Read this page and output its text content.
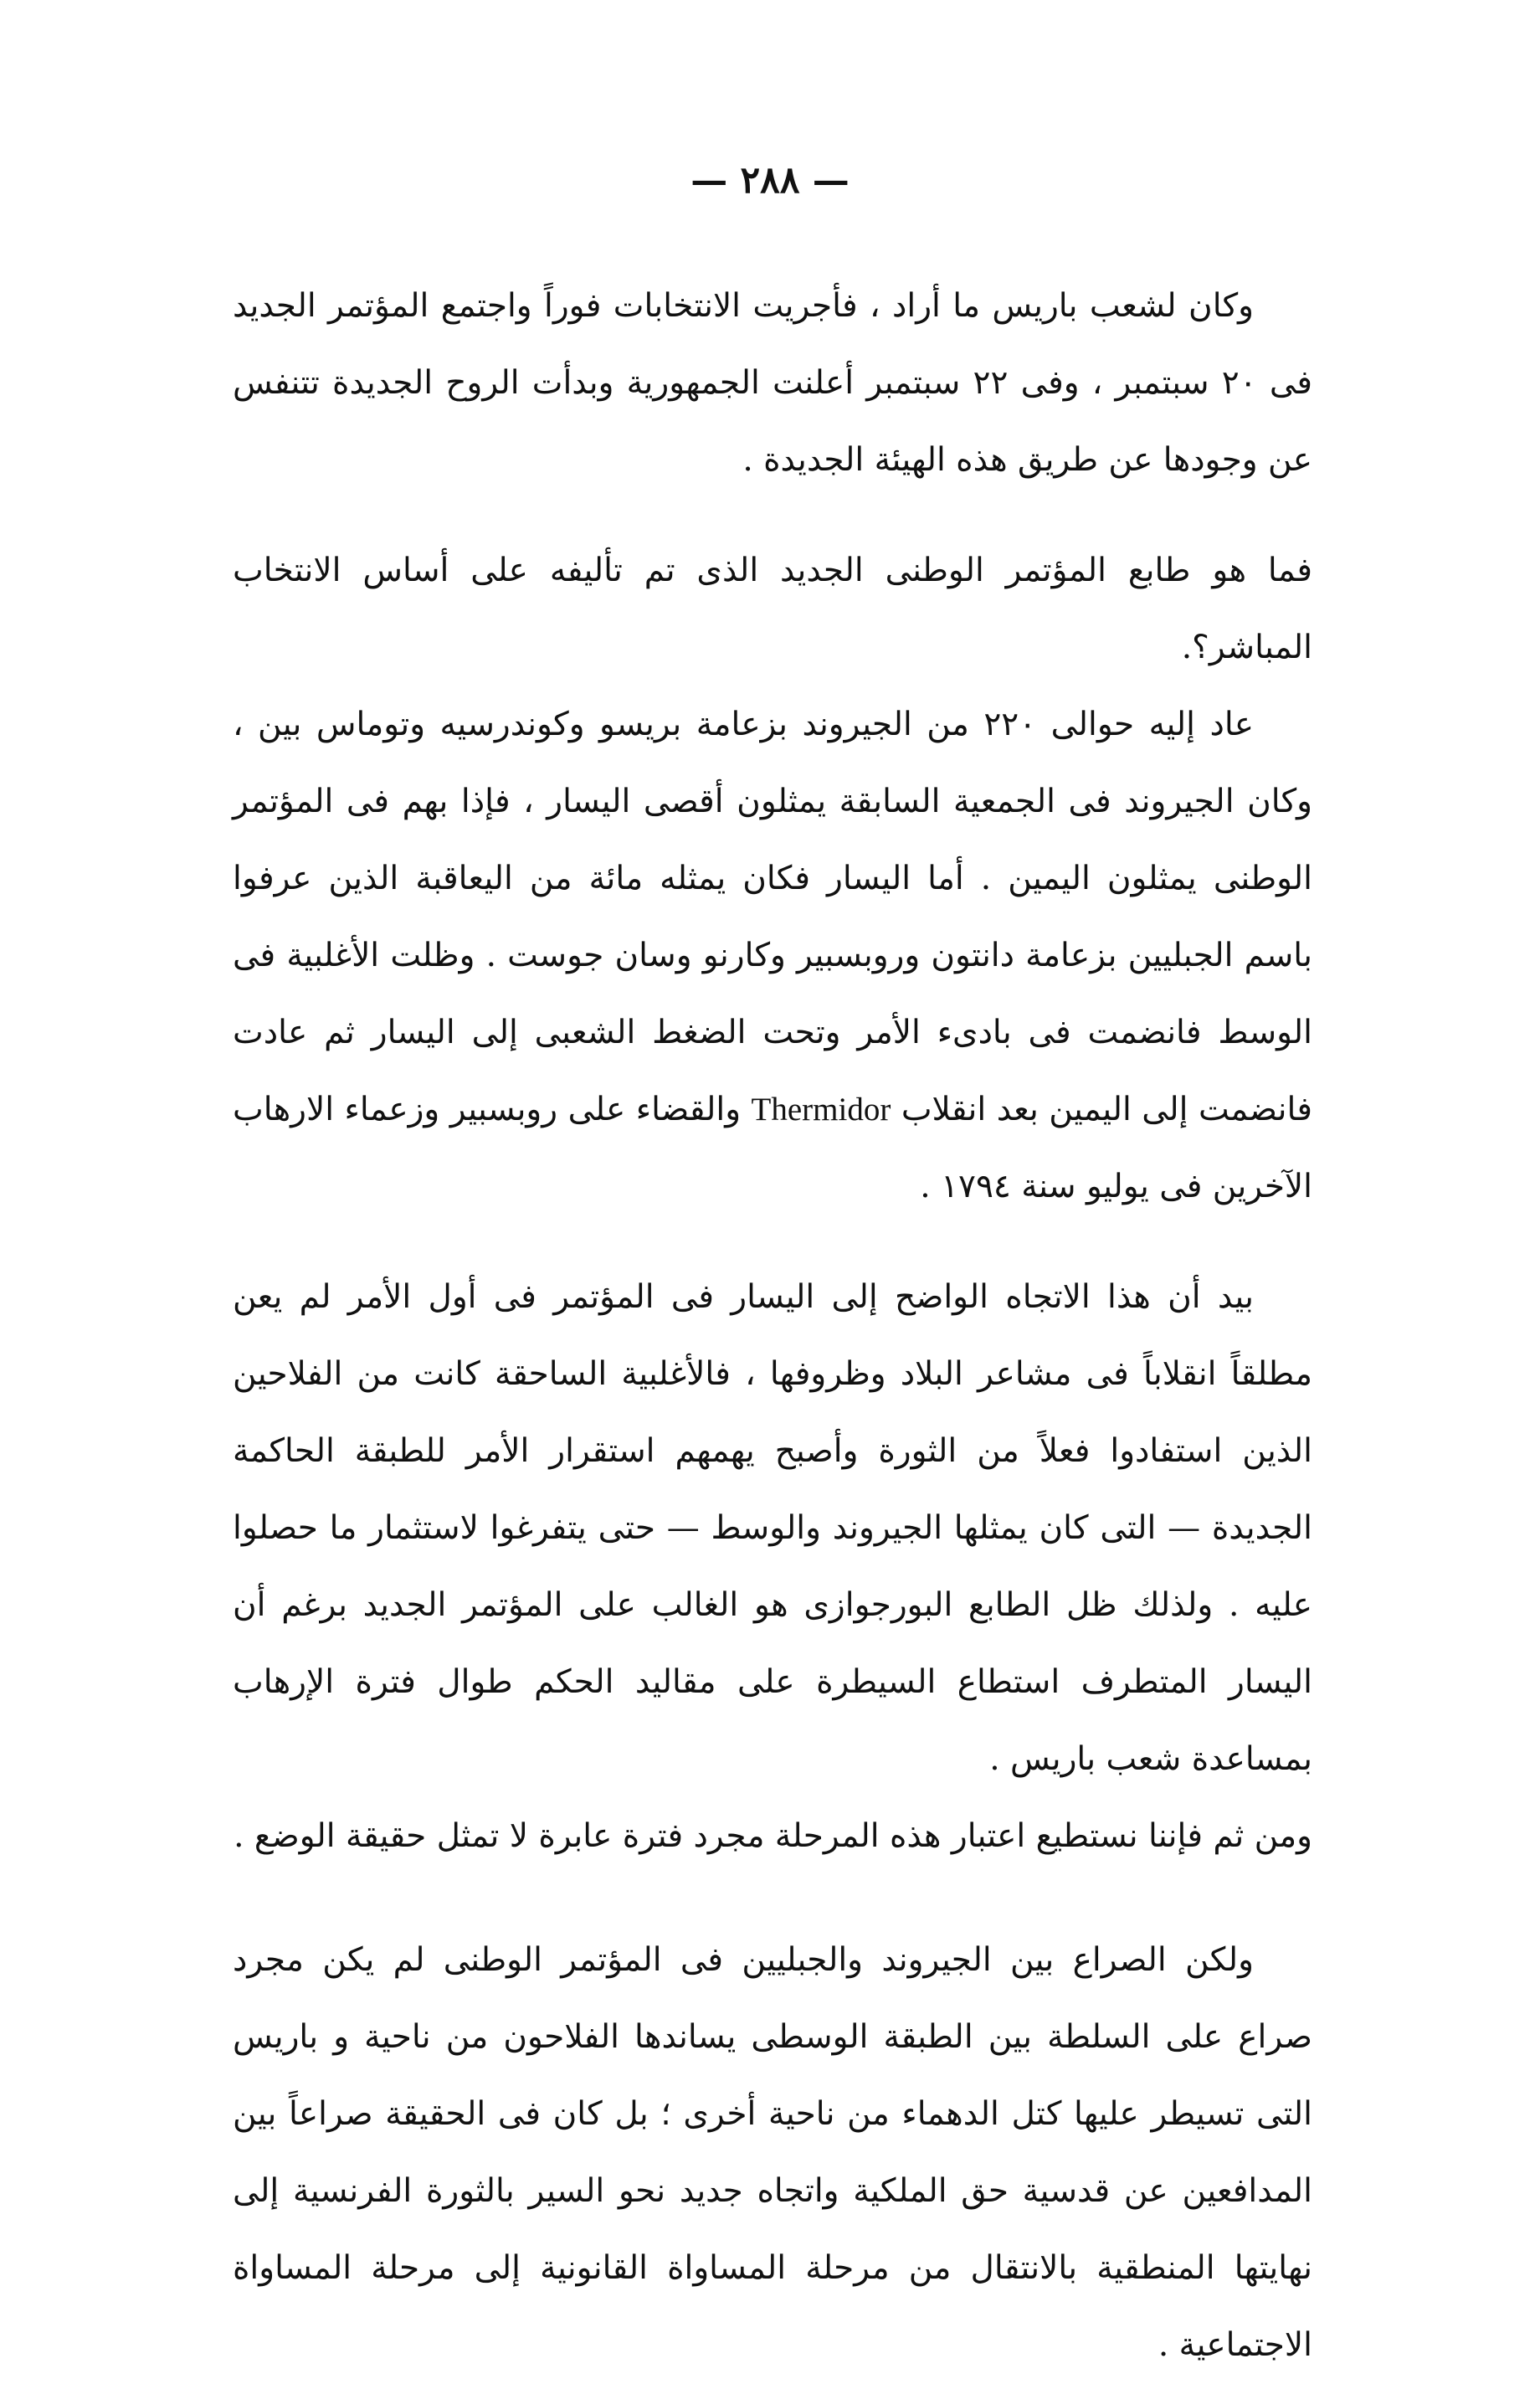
— ٢٨٨ —

وكان لشعب باريس ما أراد ، فأجريت الانتخابات فوراً واجتمع المؤتمر الجديد فى ٢٠ سبتمبر ، وفى ٢٢ سبتمبر أعلنت الجمهورية وبدأت الروح الجديدة تتنفس عن وجودها عن طريق هذه الهيئة الجديدة .

فما هو طابع المؤتمر الوطنى الجديد الذى تم تأليفه على أساس الانتخاب المباشر؟.

عاد إليه حوالى ٢٢٠ من الجيروند بزعامة بريسو وكوندرسيه وتوماس بين ، وكان الجيروند فى الجمعية السابقة يمثلون أقصى اليسار ، فإذا بهم فى المؤتمر الوطنى يمثلون اليمين . أما اليسار فكان يمثله مائة من اليعاقبة الذين عرفوا باسم الجبليين بزعامة دانتون وروبسبير وكارنو وسان جوست . وظلت الأغلبية فى الوسط فانضمت فى بادىء الأمر وتحت الضغط الشعبى إلى اليسار ثم عادت فانضمت إلى اليمين بعد انقلاب Thermidor والقضاء على روبسبير وزعماء الارهاب الآخرين فى يوليو سنة ١٧٩٤ .

بيد أن هذا الاتجاه الواضح إلى اليسار فى المؤتمر فى أول الأمر لم يعن مطلقاً انقلاباً فى مشاعر البلاد وظروفها ، فالأغلبية الساحقة كانت من الفلاحين الذين استفادوا فعلاً من الثورة وأصبح يهمهم استقرار الأمر للطبقة الحاكمة الجديدة — التى كان يمثلها الجيروند والوسط — حتى يتفرغوا لاستثمار ما حصلوا عليه . ولذلك ظل الطابع البورجوازى هو الغالب على المؤتمر الجديد برغم أن اليسار المتطرف استطاع السيطرة على مقاليد الحكم طوال فترة الإرهاب بمساعدة شعب باريس .

ومن ثم فإننا نستطيع اعتبار هذه المرحلة مجرد فترة عابرة لا تمثل حقيقة الوضع .

ولكن الصراع بين الجيروند والجبليين فى المؤتمر الوطنى لم يكن مجرد صراع على السلطة بين الطبقة الوسطى يساندها الفلاحون من ناحية و باريس التى تسيطر عليها كتل الدهماء من ناحية أخرى ؛ بل كان فى الحقيقة صراعاً بين المدافعين عن قدسية حق الملكية واتجاه جديد نحو السير بالثورة الفرنسية إلى نهايتها المنطقية بالانتقال من مرحلة المساواة القانونية إلى مرحلة المساواة الاجتماعية .
